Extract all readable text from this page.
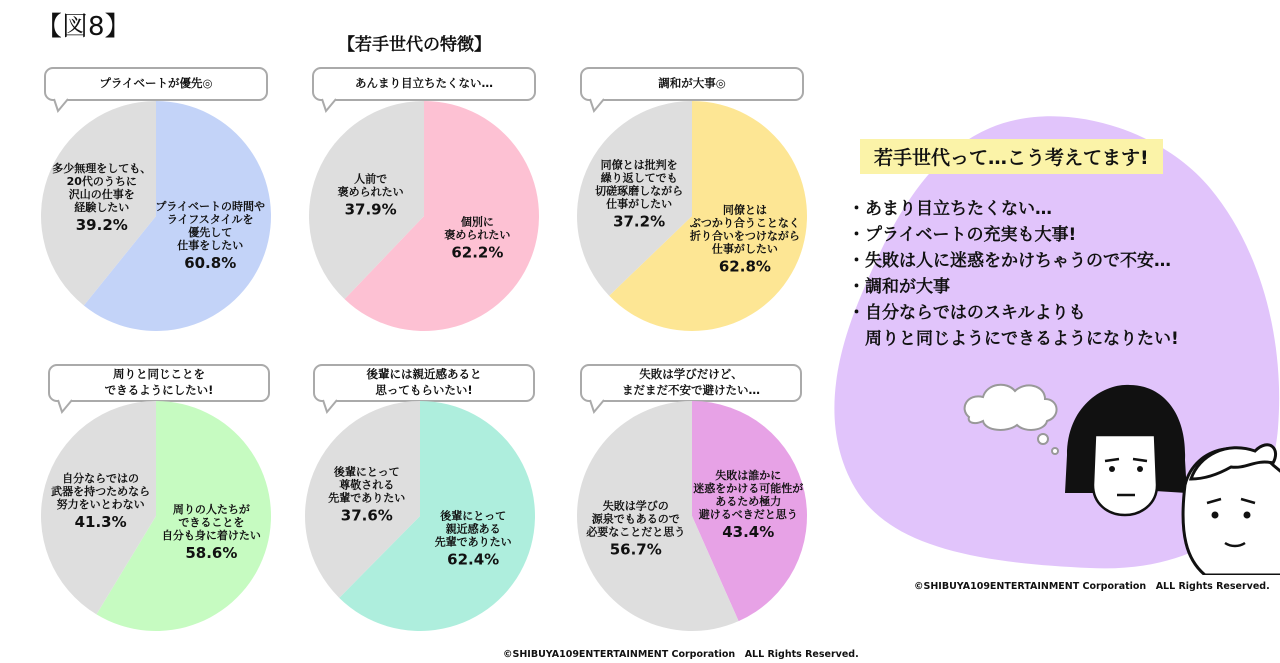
【図8】
【若手世代の特徴】
プライベートが優先◎
プライベートの時間やライフスタイルを優先して仕事をしたい
60.8%
多少無理をしても、 20代のうちに沢山の仕事を経験したい
39.2%
あんまり目立ちたくない…
個別に褒められたい
62.2%
人前で褒められたい
37.9%
調和が大事◎
同僚とはぶつかり合うことなく折り合いをつけながら仕事がしたい
62.8%
同僚とは批判を繰り返してでも切磋琢磨しながら仕事がしたい
37.2%
周りと同じことを
できるようにしたい!
周りの人たちができることを自分も身に着けたい
58.6%
自分ならではの武器を持つためなら努力をいとわない
41.3%
後輩には親近感あると
思ってもらいたい!
後輩にとって親近感ある先輩でありたい
62.4%
後輩にとって尊敬される先輩でありたい
37.6%
失敗は学びだけど、
まだまだ不安で避けたい…
失敗は誰かに迷惑をかける可能性があるため極力避けるべきだと思う
43.4%
失敗は学びの源泉でもあるので必要なことだと思う
56.7%
若手世代って…こう考えてます!
・あまり目立ちたくない…
・プライベートの充実も大事!
・失敗は人に迷惑をかけちゃうので不安…
・調和が大事
・自分ならではのスキルよりも
　周りと同じようにできるようになりたい!
©SHIBUYA109ENTERTAINMENT Corporation　ALL Rights Reserved.
©SHIBUYA109ENTERTAINMENT Corporation　ALL Rights Reserved.
